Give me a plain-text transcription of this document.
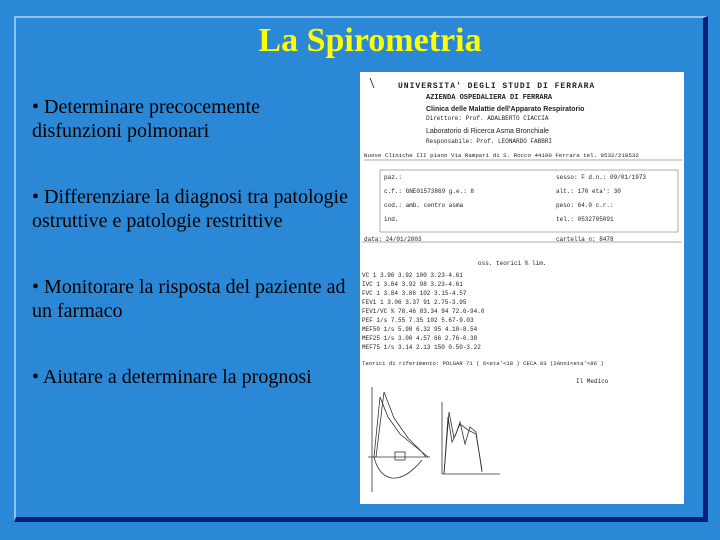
La Spirometria
• Determinare precocemente disfunzioni polmonari
• Differenziare la diagnosi tra patologie ostruttive e patologie restrittive
• Monitorare la risposta del paziente ad un farmaco
• Aiutare a determinare la prognosi
UNIVERSITA' DEGLI STUDI DI FERRARA
AZIENDA OSPEDALIERA DI FERRARA
Clinica delle Malattie dell'Apparato Respiratorio
Direttore: Prof. ADALBERTO CIACCIA
Laboratorio di Ricerca Asma Bronchiale
Responsabile: Prof. LEONARDO FABBRI
Nuove Cliniche III piano Via Rampari di S. Rocco 44100 Ferrara tel. 0532/210532
paz.:	sesso: F d.n.: 09/01/1973
c.f.: GNE01573869 g.e.: 8	alt.: 170 eta': 30
cod.: amb. centro asma	peso: 64.0 c.r.:
ind.	tel.: 0532705091
data: 24/01/2003	cartella n: 8478
oss. teorici % lim.
VC 1 3.90 3.92 100 3.23-4.61
IVC 1 3.84 3.92 98 3.23-4.61
FVC 1 3.84 3.86 102 3.15-4.57
FEV1 1 3.06 3.37 91 2.75-3.95
FEV1/VC % 78.46 83.34 94 72.6-94.0
PEF 1/s 7.55 7.35 102 5.67-9.03
MEF50 1/s 5.98 6.32 95 4.10-8.54
MEF25 1/s 3.00 4.57 66 2.76-6.38
MEF75 1/s 3.14 2.13 150 0.50-3.22
Teorici di riferimento: POLGAR 71 ( 6<eta'<18 ) CECA 83 (2Anni<eta'<86 )
Il Medico
